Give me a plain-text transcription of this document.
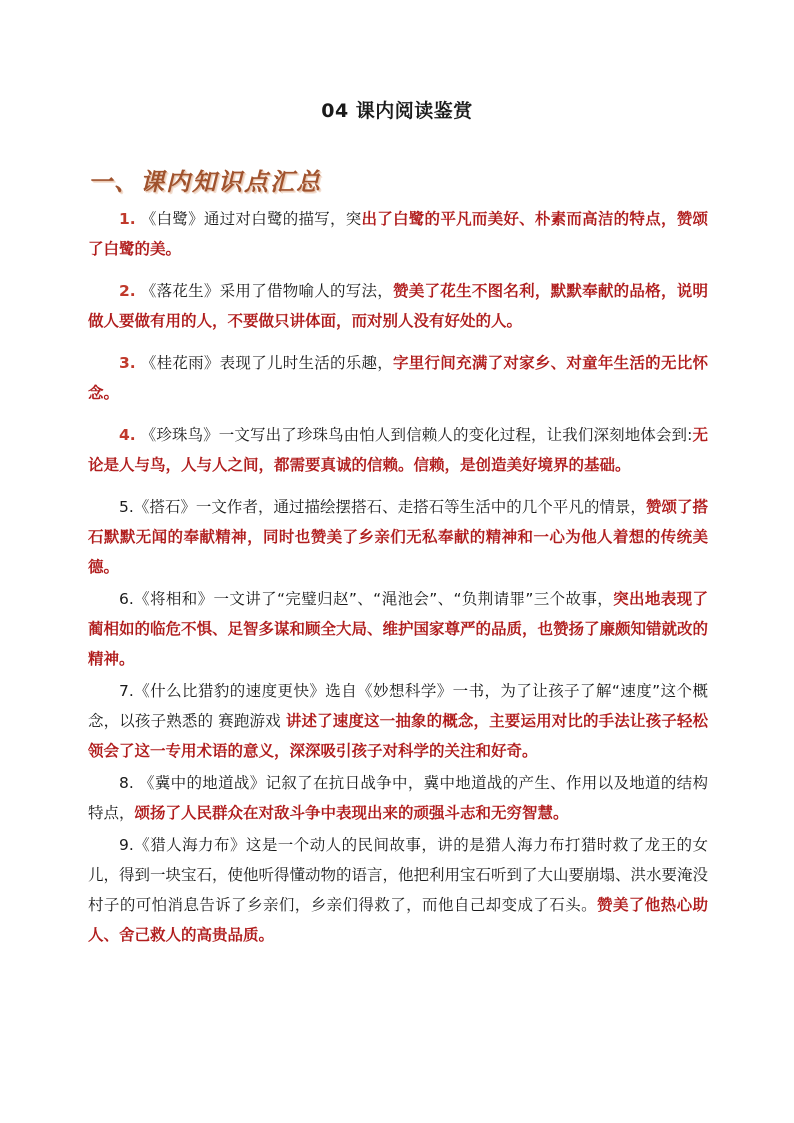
04 课内阅读鉴赏
一、课内知识点汇总

1. 《白鹭》通过对白鹭的描写，突出了白鹭的平凡而美好、朴素而高洁的特点，赞颂了白鹭的美。

2. 《落花生》采用了借物喻人的写法，赞美了花生不图名利，默默奉献的品格，说明做人要做有用的人，不要做只讲体面，而对别人没有好处的人。

3. 《桂花雨》表现了儿时生活的乐趣，字里行间充满了对家乡、对童年生活的无比怀念。

4. 《珍珠鸟》一文写出了珍珠鸟由怕人到信赖人的变化过程，让我们深刻地体会到:无论是人与鸟，人与人之间，都需要真诚的信赖。信赖，是创造美好境界的基础。

5.《搭石》一文作者，通过描绘摆搭石、走搭石等生活中的几个平凡的情景，赞颂了搭石默默无闻的奉献精神，同时也赞美了乡亲们无私奉献的精神和一心为他人着想的传统美德。

6.《将相和》一文讲了“完璧归赵”、“渑池会”、“负荆请罪”三个故事，突出地表现了蔺相如的临危不惧、足智多谋和顾全大局、维护国家尊严的品质，也赞扬了廉颇知错就改的精神。

7.《什么比猎豹的速度更快》选自《妙想科学》一书，为了让孩子了解“速度”这个概念，以孩子熟悉的 赛跑游戏 讲述了速度这一抽象的概念，主要运用对比的手法让孩子轻松领会了这一专用术语的意义，深深吸引孩子对科学的关注和好奇。

8. 《冀中的地道战》记叙了在抗日战争中，冀中地道战的产生、作用以及地道的结构特点，颂扬了人民群众在对敌斗争中表现出来的顽强斗志和无穷智慧。

9.《猎人海力布》这是一个动人的民间故事，讲的是猎人海力布打猎时救了龙王的女儿，得到一块宝石，使他听得懂动物的语言，他把利用宝石听到了大山要崩塌、洪水要淹没村子的可怕消息告诉了乡亲们，乡亲们得救了，而他自己却变成了石头。赞美了他热心助人、舍己救人的高贵品质。
